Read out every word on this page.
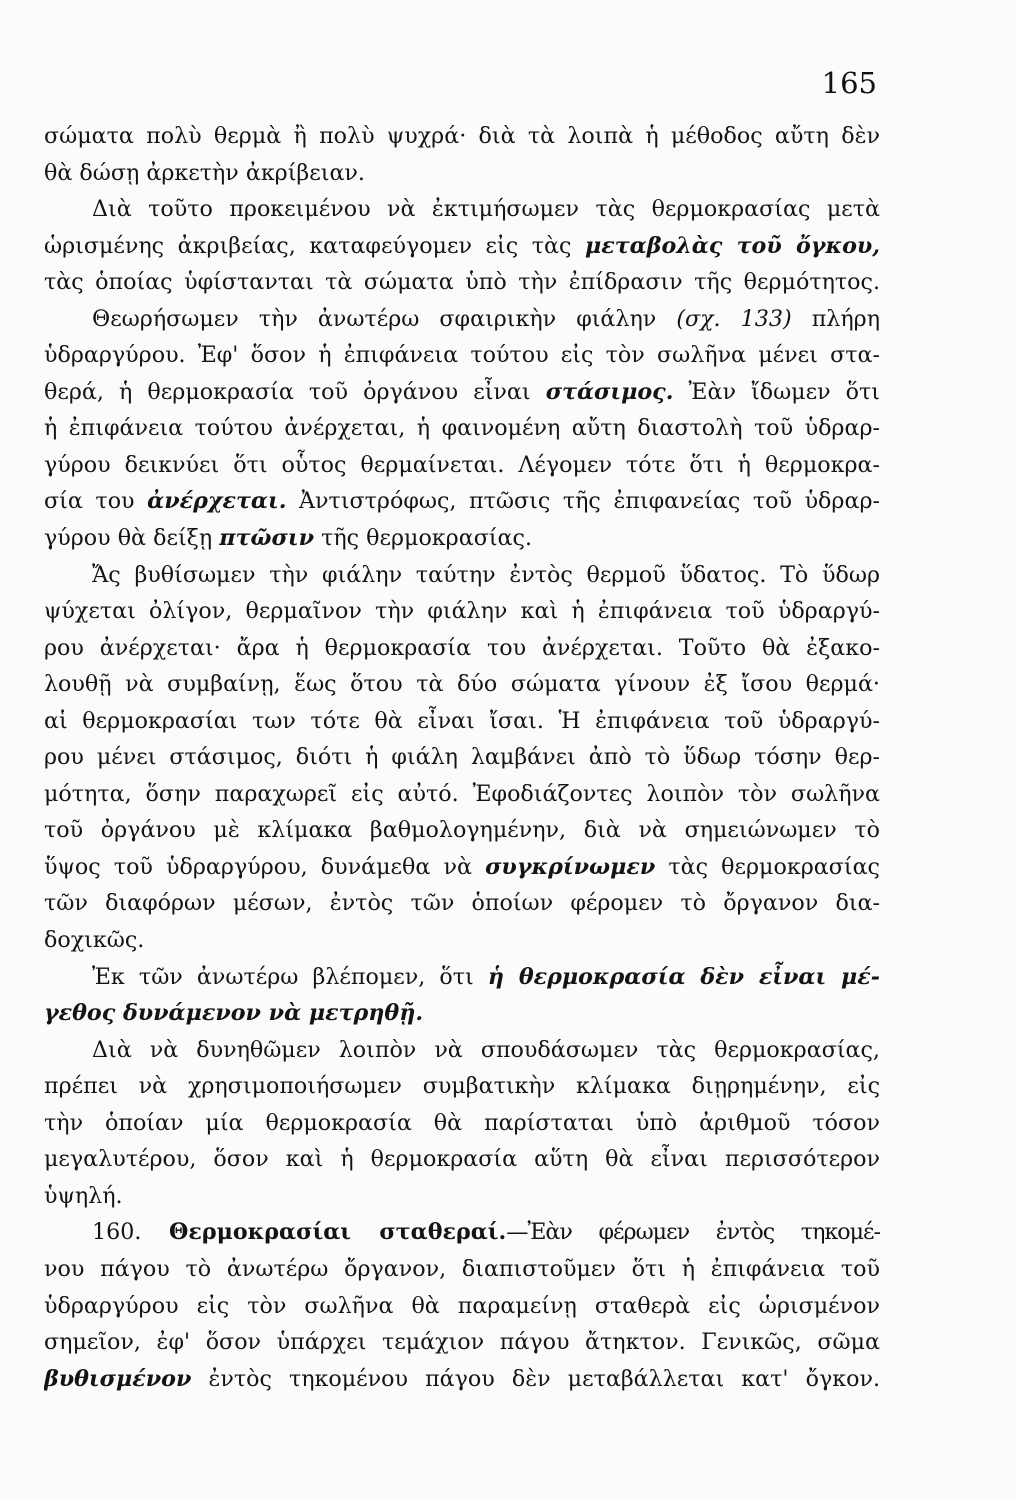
165
σώματα πολὺ θερμὰ ἢ πολὺ ψυχρά· διὰ τὰ λοιπὰ ἡ μέθοδος αὔτη δὲν
θὰ δώσῃ ἀρκετὴν ἀκρίβειαν.
Διὰ τοῦτο προκειμένου νὰ ἐκτιμήσωμεν τὰς θερμοκρασίας μετὰ
ὡρισμένης ἀκριβείας, καταφεύγομεν εἰς τὰς μεταβολὰς τοῦ ὄγκου,
τὰς ὁποίας ὑφίστανται τὰ σώματα ὑπὸ τὴν ἐπίδρασιν τῆς θερμότητος.
Θεωρήσωμεν τὴν ἀνωτέρω σφαιρικὴν φιάλην (σχ. 133) πλήρη
ὑδραργύρου. Ἐφ' ὅσον ἡ ἐπιφάνεια τούτου εἰς τὸν σωλῆνα μένει στα-
θερά, ἡ θερμοκρασία τοῦ ὀργάνου εἶναι στάσιμος. Ἐὰν ἴδωμεν ὅτι
ἡ ἐπιφάνεια τούτου ἀνέρχεται, ἡ φαινομένη αὔτη διαστολὴ τοῦ ὑδραρ-
γύρου δεικνύει ὅτι οὗτος θερμαίνεται. Λέγομεν τότε ὅτι ἡ θερμοκρα-
σία του ἀνέρχεται. Ἀντιστρόφως, πτῶσις τῆς ἐπιφανείας τοῦ ὑδραρ-
γύρου θὰ δείξῃ πτῶσιν τῆς θερμοκρασίας.
Ἄς βυθίσωμεν τὴν φιάλην ταύτην ἐντὸς θερμοῦ ὕδατος. Τὸ ὕδωρ
ψύχεται ὀλίγον, θερμαῖνον τὴν φιάλην καὶ ἡ ἐπιφάνεια τοῦ ὑδραργύ-
ρου ἀνέρχεται· ἄρα ἡ θερμοκρασία του ἀνέρχεται. Τοῦτο θὰ ἐξακο-
λουθῇ νὰ συμβαίνῃ, ἕως ὅτου τὰ δύο σώματα γίνουν ἐξ ἴσου θερμά·
αἱ θερμοκρασίαι των τότε θὰ εἶναι ἴσαι. Ἡ ἐπιφάνεια τοῦ ὑδραργύ-
ρου μένει στάσιμος, διότι ἡ φιάλη λαμβάνει ἀπὸ τὸ ὕδωρ τόσην θερ-
μότητα, ὅσην παραχωρεῖ εἰς αὐτό. Ἐφοδιάζοντες λοιπὸν τὸν σωλῆνα
τοῦ ὀργάνου μὲ κλίμακα βαθμολογημένην, διὰ νὰ σημειώνωμεν τὸ
ὕψος τοῦ ὑδραργύρου, δυνάμεθα νὰ συγκρίνωμεν τὰς θερμοκρασίας
τῶν διαφόρων μέσων, ἐντὸς τῶν ὁποίων φέρομεν τὸ ὄργανον δια-
δοχικῶς.
Ἐκ τῶν ἀνωτέρω βλέπομεν, ὅτι ἡ θερμοκρασία δὲν εἶναι μέ-
γεθος δυνάμενον νὰ μετρηθῇ.
Διὰ νὰ δυνηθῶμεν λοιπὸν νὰ σπουδάσωμεν τὰς θερμοκρασίας,
πρέπει νὰ χρησιμοποιήσωμεν συμβατικὴν κλίμακα διῃρημένην, εἰς
τὴν ὁποίαν μία θερμοκρασία θὰ παρίσταται ὑπὸ ἀριθμοῦ τόσον
μεγαλυτέρου, ὅσον καὶ ἡ θερμοκρασία αὕτη θὰ εἶναι περισσότερον
ὑψηλή.
160. Θερμοκρασίαι σταθεραί.—Ἐὰν φέρωμεν ἐντὸς τηκομέ-
νου πάγου τὸ ἀνωτέρω ὄργανον, διαπιστοῦμεν ὅτι ἡ ἐπιφάνεια τοῦ
ὑδραργύρου εἰς τὸν σωλῆνα θὰ παραμείνῃ σταθερὰ εἰς ὡρισμένον
σημεῖον, ἐφ' ὅσον ὑπάρχει τεμάχιον πάγου ἄτηκτον. Γενικῶς, σῶμα
βυθισμένον ἐντὸς τηκομένου πάγου δὲν μεταβάλλεται κατ' ὄγκον.
